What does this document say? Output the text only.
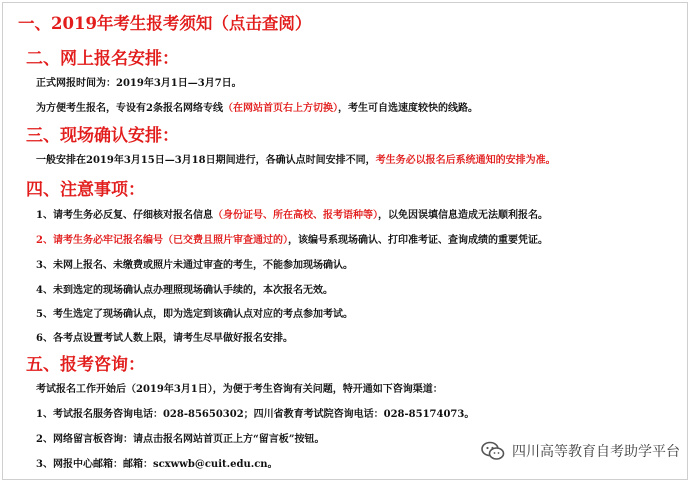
一、2019年考生报考须知（点击查阅）
二、网上报名安排：
正式网报时间为：2019年3月1日—3月7日。
为方便考生报名，专设有2条报名网络专线（在网站首页右上方切换），考生可自选速度较快的线路。
三、现场确认安排：
一般安排在2019年3月15日—3月18日期间进行，各确认点时间安排不同，考生务必以报名后系统通知的安排为准。
四、注意事项：
1、请考生务必反复、仔细核对报名信息（身份证号、所在高校、报考语种等），以免因误填信息造成无法顺利报名。
2、请考生务必牢记报名编号（已交费且照片审查通过的），该编号系现场确认、打印准考证、查询成绩的重要凭证。
3、未网上报名、未缴费或照片未通过审查的考生，不能参加现场确认。
4、未到选定的现场确认点办理照现场确认手续的，本次报名无效。
5、考生选定了现场确认点，即为选定到该确认点对应的考点参加考试。
6、各考点设置考试人数上限，请考生尽早做好报名安排。
五、报考咨询：
考试报名工作开始后（2019年3月1日），为便于考生咨询有关问题，特开通如下咨询渠道：
1、考试报名服务咨询电话：028-85650302；四川省教育考试院咨询电话：028-85174073。
2、网络留言板咨询：请点击报名网站首页正上方“留言板”按钮。
3、网报中心邮箱：邮箱：scxwwb@cuit.edu.cn。
四川高等教育自考助学平台
